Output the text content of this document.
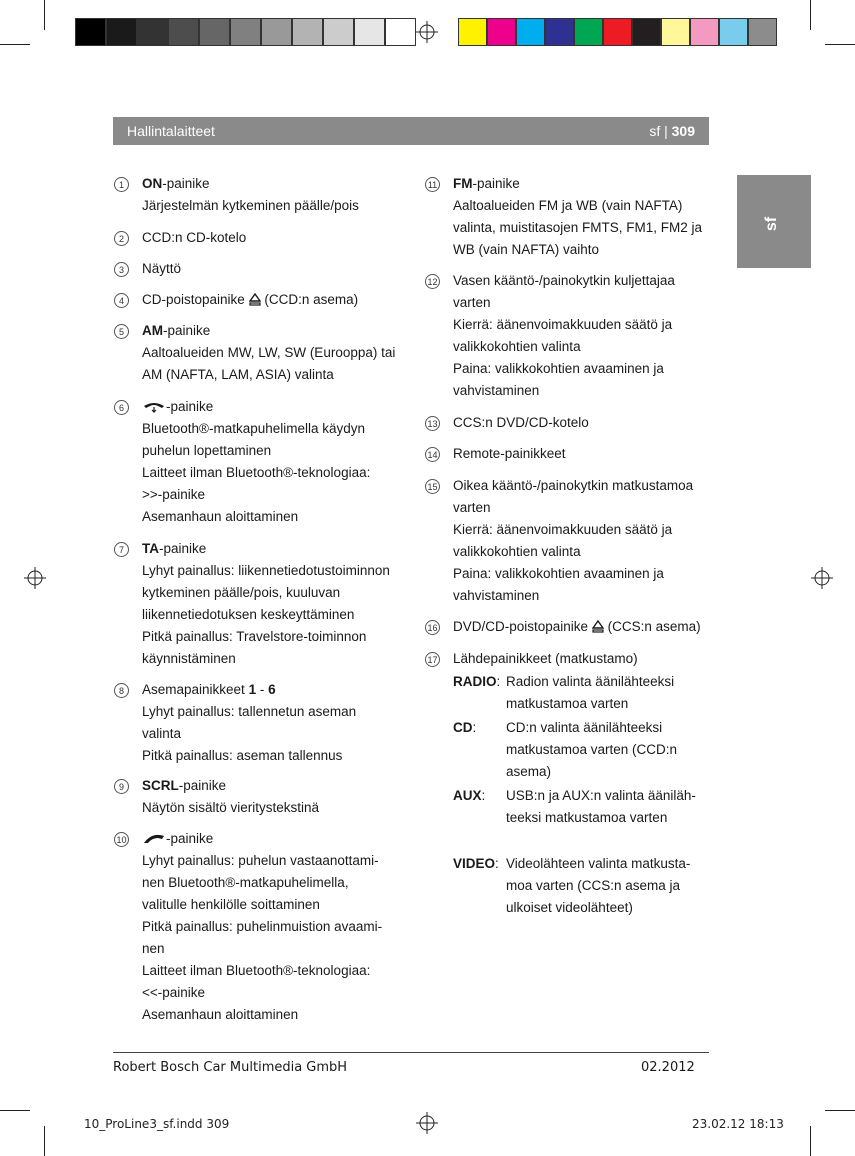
Hallintalaitteet	sf | 309
sf
1	ON-painike
Järjestelmän kytkeminen päälle/pois
2	CCD:n CD-kotelo
3	Näyttö
4	CD-poistopainike  (CCD:n asema)
5	AM-painike
Aaltoalueiden MW, LW, SW (Eurooppa) tai
AM (NAFTA, LAM, ASIA) valinta
6	-painike
Bluetooth®-matkapuhelimella käydyn
puhelun lopettaminen
Laitteet ilman Bluetooth®-teknologiaa:
>>-painike
Asemanhaun aloittaminen
7	TA-painike
Lyhyt painallus: liikennetiedotustoiminnon
kytkeminen päälle/pois, kuuluvan
liikennetiedotuksen keskeyttäminen
Pitkä painallus: Travelstore-toiminnon
käynnistäminen
8	Asemapainikkeet 1 - 6
Lyhyt painallus: tallennetun aseman
valinta
Pitkä painallus: aseman tallennus
9	SCRL-painike
Näytön sisältö vieritystekstinä
10	-painike
Lyhyt painallus: puhelun vastaanottami-
nen Bluetooth®-matkapuhelimella,
valitulle henkilölle soittaminen
Pitkä painallus: puhelinmuistion avaami-
nen
Laitteet ilman Bluetooth®-teknologiaa:
<<-painike
Asemanhaun aloittaminen
11 FM-painike
Aaltoalueiden FM ja WB (vain NAFTA)
valinta, muistitasojen FMTS, FM1, FM2 ja
WB (vain NAFTA) vaihto
12 Vasen kääntö-/painokytkin kuljettajaa
varten
Kierrä: äänenvoimakkuuden säätö ja
valikkokohtien valinta
Paina: valikkokohtien avaaminen ja
vahvistaminen
13 CCS:n DVD/CD-kotelo
14 Remote-painikkeet
15 Oikea kääntö-/painokytkin matkustamoa
varten
Kierrä: äänenvoimakkuuden säätö ja
valikkokohtien valinta
Paina: valikkokohtien avaaminen ja
vahvistaminen
16 DVD/CD-poistopainike  (CCS:n asema)
17 Lähdepainikkeet (matkustamo)
RADIO: Radion valinta äänilähteeksi
matkustamoa varten
CD: CD:n valinta äänilähteeksi
matkustamoa varten (CCD:n
asema)
AUX: USB:n ja AUX:n valinta ääniläh-
teeksi matkustamoa varten
VIDEO: Videolähteen valinta matkusta-
moa varten (CCS:n asema ja
ulkoiset videolähteet)
Robert Bosch Car Multimedia GmbH	02.2012
10_ProLine3_sf.indd 309	23.02.12 18:13
